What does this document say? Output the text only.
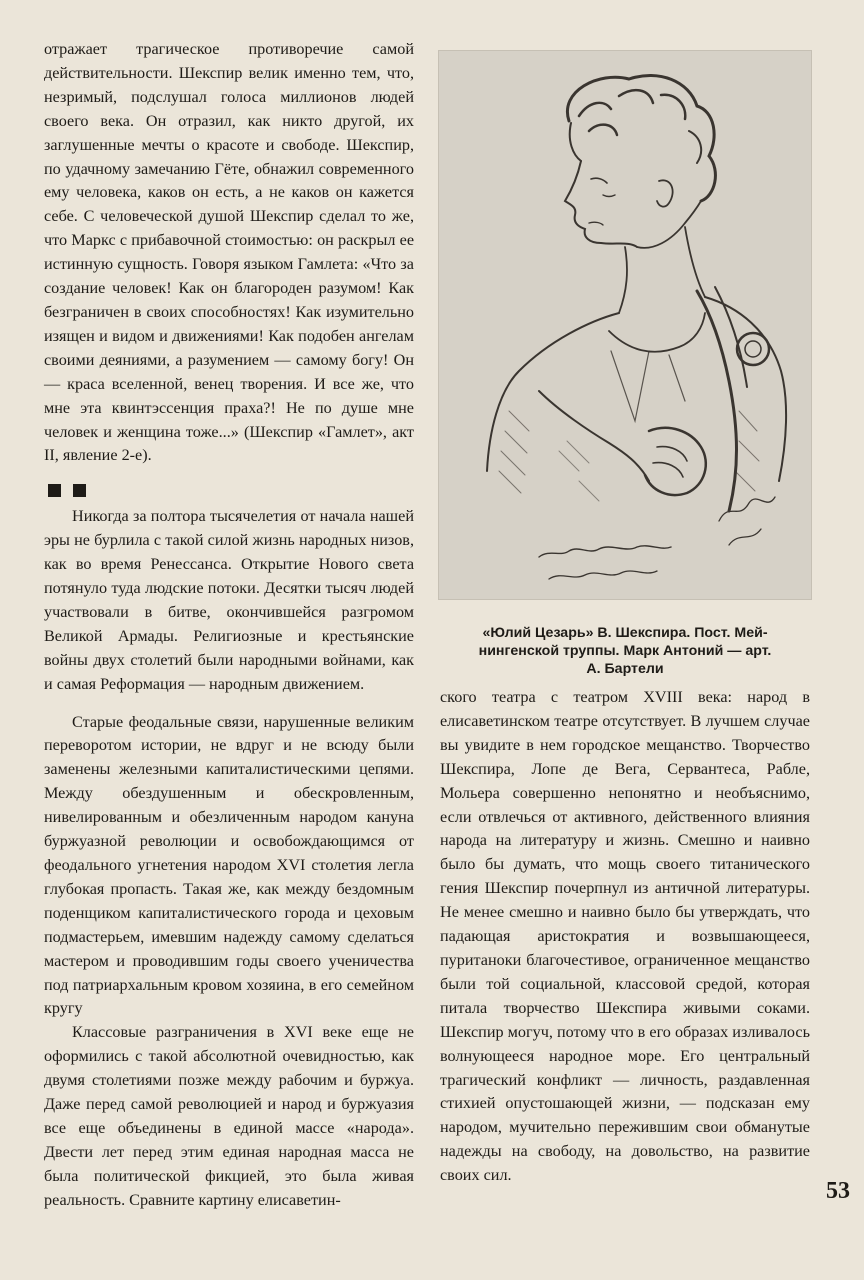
отражает трагическое противоречие самой действительности. Шекспир велик именно тем, что, незримый, подслушал голоса миллионов людей своего века. Он отразил, как никто другой, их заглушенные мечты о красоте и свободе. Шекспир, по удачному замечанию Гёте, обнажил современного ему человека, каков он есть, а не каков он кажется себе. С человеческой душой Шекспир сделал то же, что Маркс с прибавочной стоимостью: он раскрыл ее истинную сущность. Говоря языком Гамлета: «Что за создание человек! Как он благороден разумом! Как безграничен в своих способностях! Как изумительно изящен и видом и движениями! Как подобен ангелам своими деяниями, а разумением — самому богу! Он — краса вселенной, венец творения. И все же, что мне эта квинтэссенция праха?! Не по душе мне человек и женщина тоже...» (Шекспир «Гамлет», акт II, явление 2-е).

Никогда за полтора тысячелетия от начала нашей эры не бурлила с такой силой жизнь народных низов, как во время Ренессанса. Открытие Нового света потянуло туда людские потоки. Десятки тысяч людей участвовали в битве, окончившейся разгромом Великой Армады. Религиозные и крестьянские войны двух столетий были народными войнами, как и самая Реформация — народным движением.

Старые феодальные связи, нарушенные великим переворотом истории, не вдруг и не всюду были заменены железными капиталистическими цепями. Между обездушенным и обескровленным, нивелированным и обезличенным народом кануна буржуазной революции и освобождающимся от феодального угнетения народом XVI столетия легла глубокая пропасть. Такая же, как между бездомным поденщиком капиталистического города и цеховым подмастерьем, имевшим надежду самому сделаться мастером и проводившим годы своего ученичества под патриархальным кровом хозяина, в его семейном кругу

Классовые разграничения в XVI веке еще не оформились с такой абсолютной очевидностью, как двумя столетиями позже между рабочим и буржуа. Даже перед самой революцией и народ и буржуазия все еще объединены в единой массе «народа». Двести лет перед этим единая народная масса не была политической фикцией, это была живая реальность. Сравните картину елисаветин-

«Юлий Цезарь» В. Шекспира. Пост. Мей-
нингенской труппы. Марк Антоний — арт.
А. Бартели

ского театра с театром XVIII века: народ в елисаветинском театре отсутствует. В лучшем случае вы увидите в нем городское мещанство. Творчество Шекспира, Лопе де Вега, Сервантеса, Рабле, Мольера совершенно непонятно и необъяснимо, если отвлечься от активного, действенного влияния народа на литературу и жизнь. Смешно и наивно было бы думать, что мощь своего титанического гения Шекспир почерпнул из античной литературы. Не менее смешно и наивно было бы утверждать, что падающая аристократия и возвышающееся, пуританоки благочестивое, ограниченное мещанство были той социальной, классовой средой, которая питала творчество Шекспира живыми соками. Шекспир могуч, потому что в его образах изливалось волнующееся народное море. Его центральный трагический конфликт — личность, раздавленная стихией опустошающей жизни, — подсказан ему народом, мучительно пережившим свои обманутые надежды на свободу, на довольство, на развитие своих сил.

53
